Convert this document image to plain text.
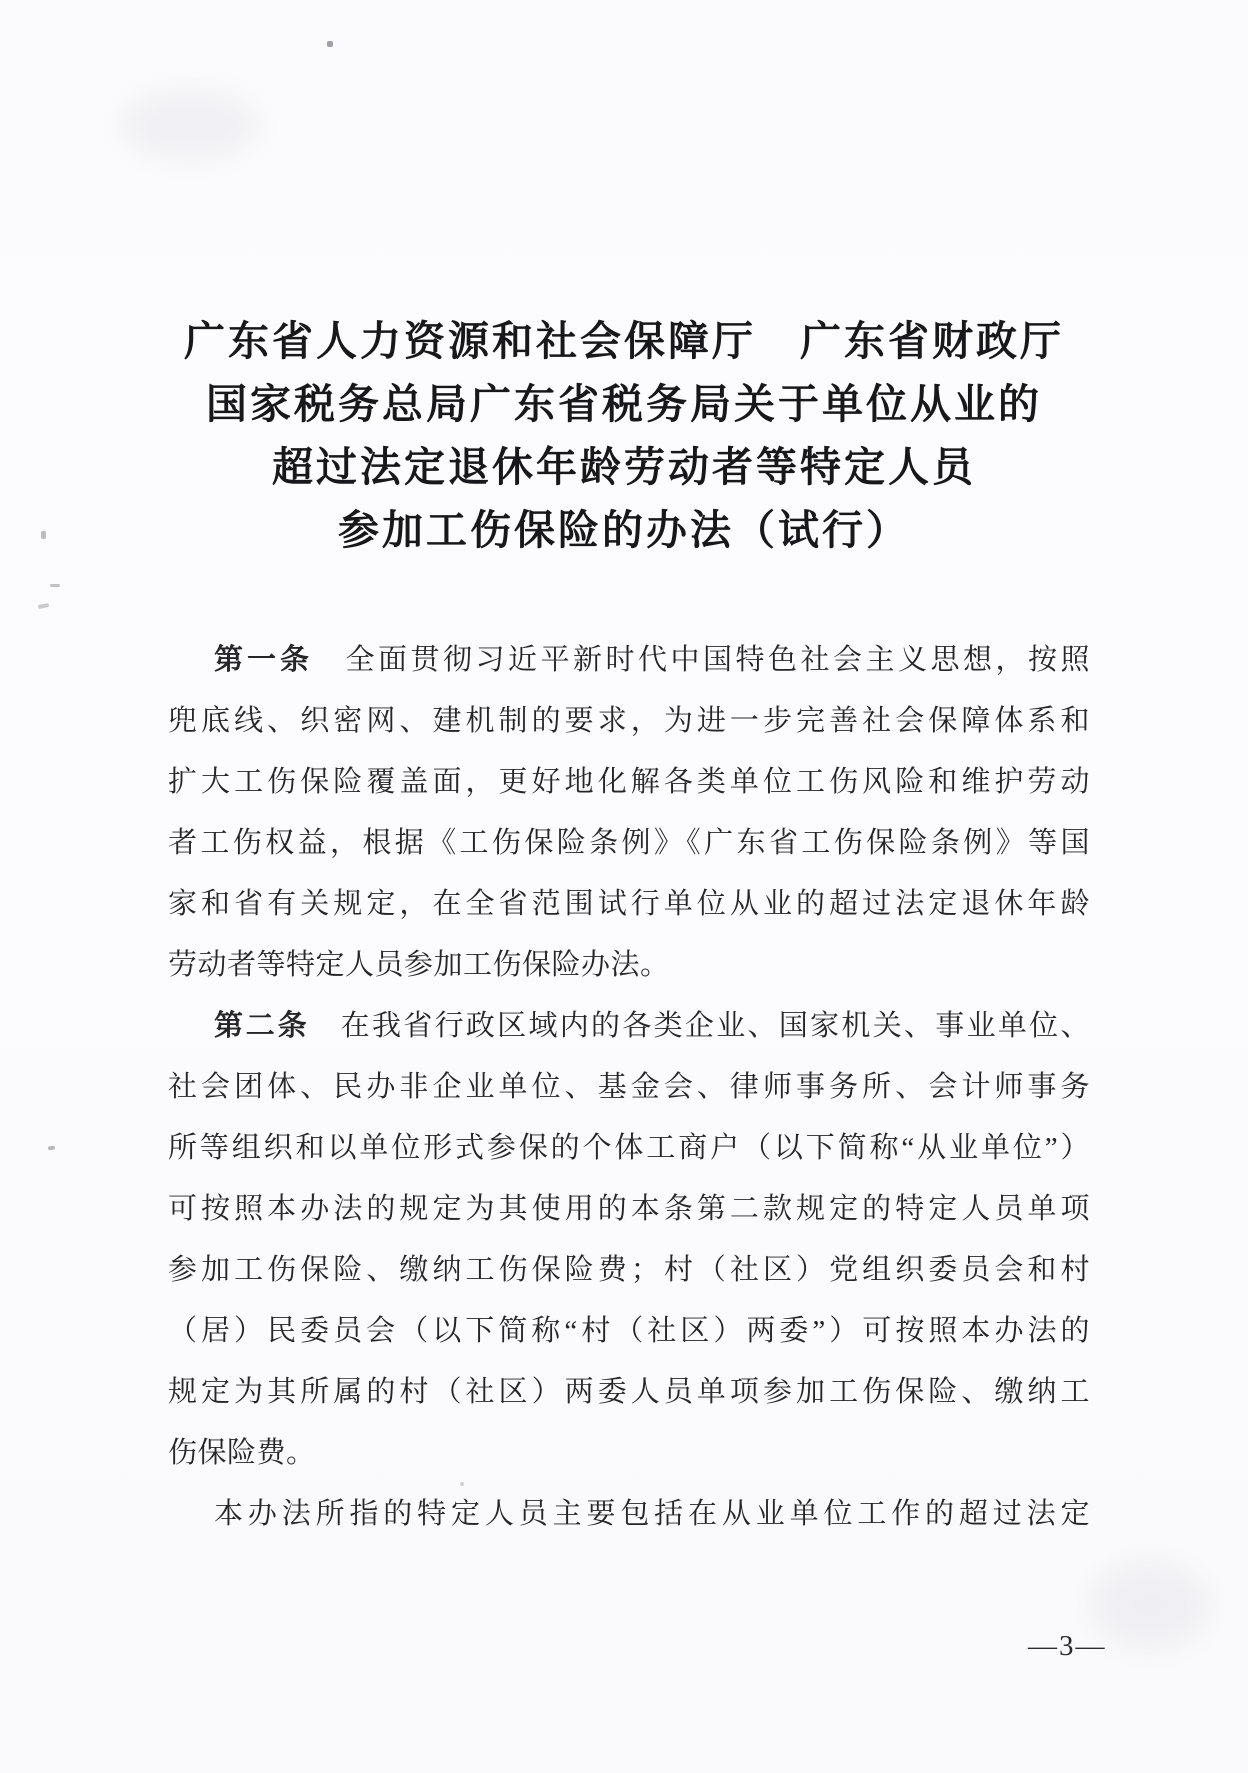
广东省人力资源和社会保障厅　广东省财政厅
国家税务总局广东省税务局关于单位从业的
超过法定退休年龄劳动者等特定人员
参加工伤保险的办法（试行）

第一条　全面贯彻习近平新时代中国特色社会主义思想，按照

兜底线、织密网、建机制的要求，为进一步完善社会保障体系和

扩大工伤保险覆盖面，更好地化解各类单位工伤风险和维护劳动

者工伤权益，根据《工伤保险条例》《广东省工伤保险条例》等国

家和省有关规定，在全省范围试行单位从业的超过法定退休年龄

劳动者等特定人员参加工伤保险办法。

第二条　在我省行政区域内的各类企业、国家机关、事业单位、

社会团体、民办非企业单位、基金会、律师事务所、会计师事务

所等组织和以单位形式参保的个体工商户（以下简称“从业单位”）

可按照本办法的规定为其使用的本条第二款规定的特定人员单项

参加工伤保险、缴纳工伤保险费；村（社区）党组织委员会和村

（居）民委员会（以下简称“村（社区）两委”）可按照本办法的

规定为其所属的村（社区）两委人员单项参加工伤保险、缴纳工

伤保险费。

本办法所指的特定人员主要包括在从业单位工作的超过法定

—3—
